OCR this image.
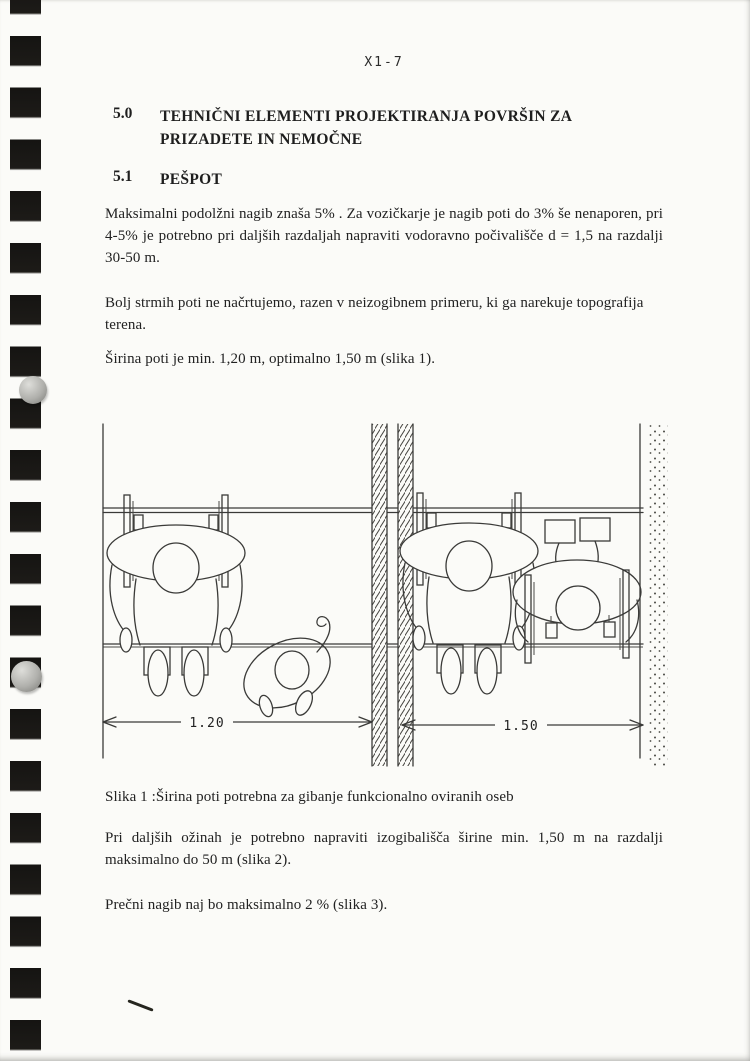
X1-7
5.0	TEHNIČNI ELEMENTI PROJEKTIRANJA POVRŠIN ZA
PRIZADETE IN NEMOČNE
5.1	PEŠPOT
Maksimalni podolžni nagib znaša 5% . Za vozičkarje je nagib poti do 3% še nenaporen, pri 4-5% je potrebno pri daljših razdaljah napraviti vodoravno počivališče d = 1,5 na razdalji 30-50 m.
Bolj strmih poti ne načrtujemo, razen v neizogibnem primeru, ki ga narekuje topografija terena.
Širina poti je min. 1,20 m, optimalno 1,50 m (slika 1).
1.20	1.50
Slika 1 :Širina poti potrebna za gibanje funkcionalno oviranih oseb
Pri daljših ožinah je potrebno napraviti izogibališča širine min. 1,50 m na razdalji maksimalno do 50 m (slika 2).
Prečni nagib naj bo maksimalno 2 % (slika 3).
